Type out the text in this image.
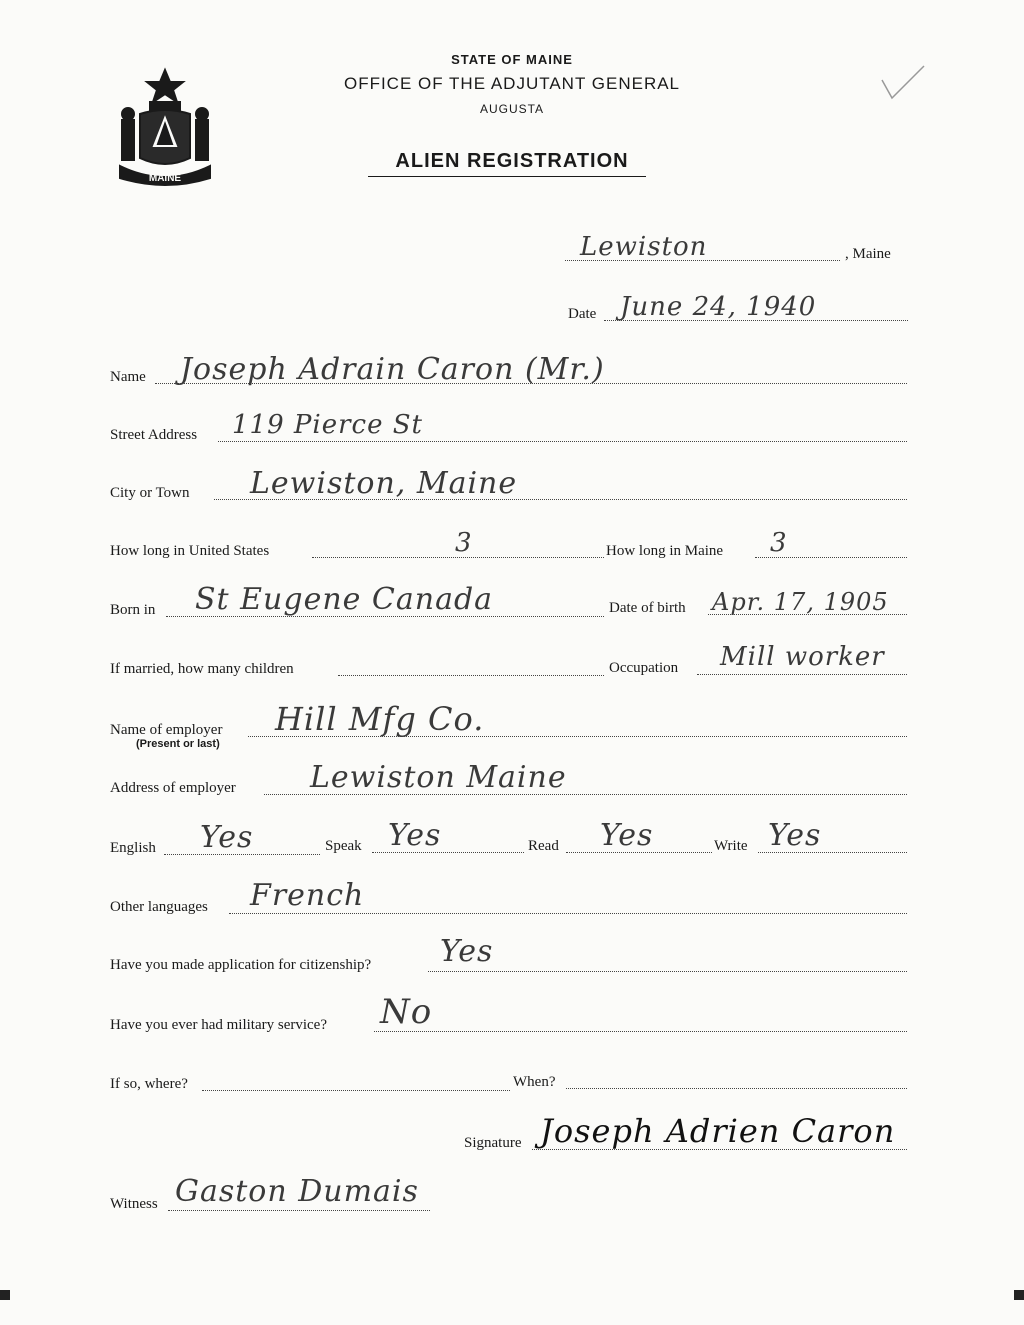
MAINE
STATE OF MAINE
OFFICE OF THE ADJUTANT GENERAL
AUGUSTA
ALIEN REGISTRATION
Lewiston	, Maine
Date June 24, 1940
Name Joseph Adrain Caron (Mr.)
Street Address 119 Pierce St
City or Town Lewiston, Maine
How long in United States	3	How long in Maine 3
Born in St Eugene Canada	Date of birth Apr. 17, 1905
If married, how many children	Occupation Mill worker
Name of employer
(Present or last)
Hill Mfg Co.
Address of employer Lewiston Maine
English Yes	Speak Yes	Read Yes	Write Yes
Other languages French
Have you made application for citizenship? Yes
Have you ever had military service? No
If so, where?	When?
Signature Joseph Adrien Caron
Witness Gaston Dumais
